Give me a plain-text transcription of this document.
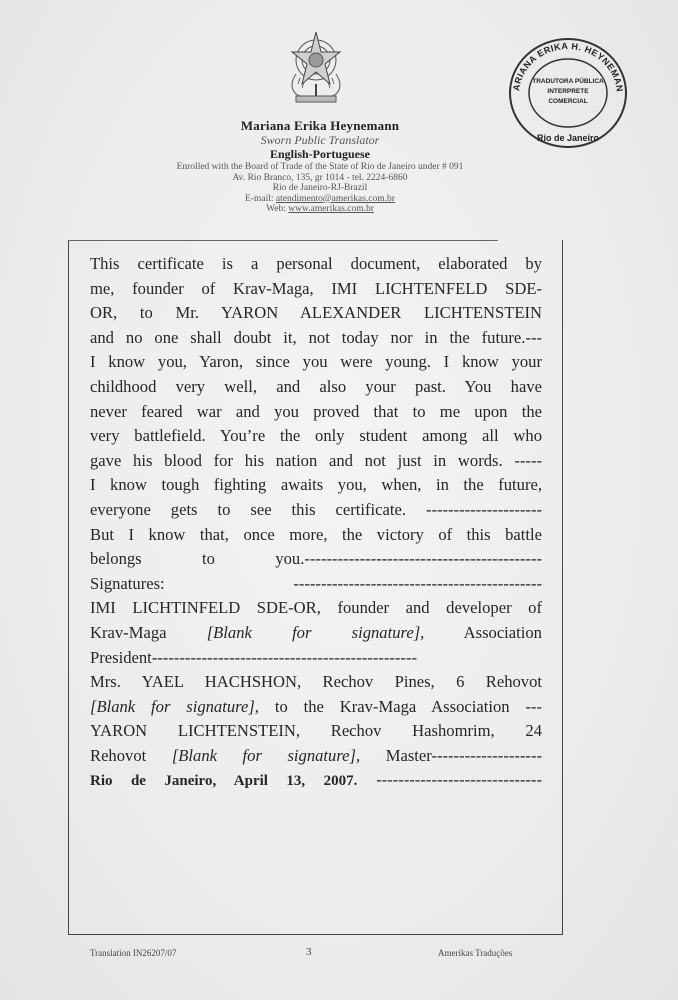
ARIANA ERIKA H. HEYNEMAN
TRADUTORA PÚBLICA
INTERPRETE
COMERCIAL
Rio de Janeiro
Mariana Erika Heynemann
Sworn Public Translator
English-Portuguese
Enrolled with the Board of Trade of the State of Rio de Janeiro under # 091
Av. Rio Branco, 135, gr 1014 - tel. 2224-6860
Rio de Janeiro-RJ-Brazil
E-mail: atendimento@amerikas.com.br
Web: www.amerikas.com.br
This certificate is a personal document, elaborated by
me, founder of Krav-Maga, IMI LICHTENFELD SDE-
OR, to Mr. YARON ALEXANDER LICHTENSTEIN
and no one shall doubt it, not today nor in the future.---
I know you, Yaron, since you were young. I know your
childhood very well, and also your past. You have
never feared war and you proved that to me upon the
very battlefield. You’re the only student among all who
gave his blood for his nation and not just in words. -----
I know tough fighting awaits you, when, in the future,
everyone gets to see this certificate. ---------------------
But I know that, once more, the victory of this battle
belongs to you.-------------------------------------------
Signatures: ---------------------------------------------
IMI LICHTINFELD SDE-OR, founder and developer of
Krav-Maga [Blank for signature], Association
President------------------------------------------------
Mrs. YAEL HACHSHON, Rechov Pines, 6 Rehovot
[Blank for signature], to the Krav-Maga Association ---
YARON LICHTENSTEIN, Rechov Hashomrim, 24
Rehovot [Blank for signature], Master--------------------
Rio de Janeiro, April 13, 2007. ------------------------------
Translation IN26207/07	3	Amerikas Traduções
